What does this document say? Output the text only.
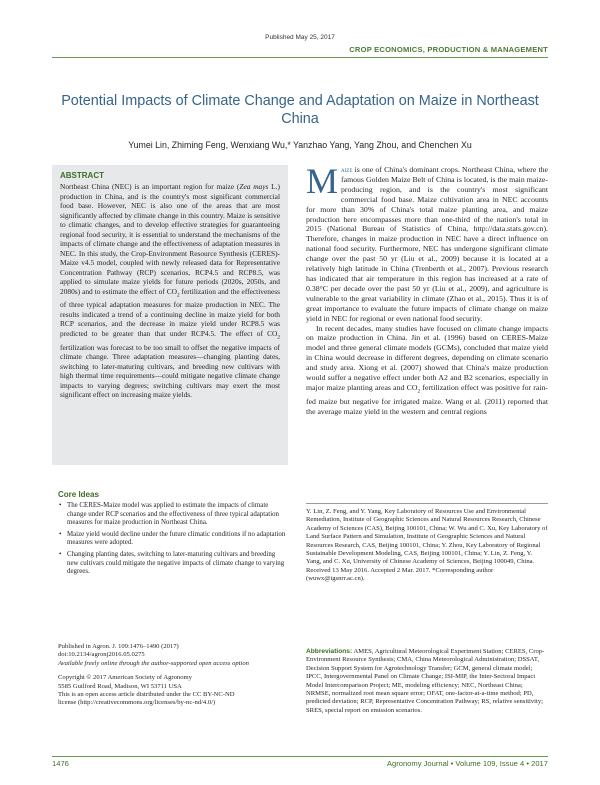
Published May 25, 2017
CROP ECONOMICS, PRODUCTION & MANAGEMENT
Potential Impacts of Climate Change and Adaptation on Maize in Northeast China
Yumei Lin, Zhiming Feng, Wenxiang Wu,* Yanzhao Yang, Yang Zhou, and Chenchen Xu
ABSTRACT

Northeast China (NEC) is an important region for maize (Zea mays L.) production in China, and is the country's most significant commercial food base. However, NEC is also one of the areas that are most significantly affected by climate change in this country. Maize is sensitive to climatic changes, and to develop effective strategies for guaranteeing regional food security, it is essential to understand the mechanisms of the impacts of climate change and the effectiveness of adaptation measures in NEC. In this study, the Crop-Environment Resource Synthesis (CERES)-Maize v4.5 model, coupled with newly released data for Representative Concentration Pathway (RCP) scenarios, RCP4.5 and RCP8.5, was applied to simulate maize yields for future periods (2020s, 2050s, and 2080s) and to estimate the effect of $CO_2$ fertilization and the effectiveness of three typical adaptation measures for maize production in NEC. The results indicated a trend of a continuing decline in maize yield for both RCP scenarios, and the decrease in maize yield under RCP8.5 was predicted to be greater than that under RCP4.5. The effect of $CO_2$ fertilization was forecast to be too small to offset the negative impacts of climate change. Three adaptation measures—changing planting dates, switching to later-maturing cultivars, and breeding new cultivars with high thermal time requirements—could mitigate negative climate change impacts to varying degrees; switching cultivars may exert the most significant effect on increasing maize yields.

Core Ideas
• The CERES-Maize model was applied to estimate the impacts of climate change under RCP scenarios and the effectiveness of three typical adaptation measures for maize production in Northeast China.
• Maize yield would decline under the future climatic conditions if no adaptation measures were adopted.
• Changing planting dates, switching to later-maturing cultivars and breeding new cultivars could mitigate the negative impacts of climate change to varying degrees.

Published in Agron. J. 109:1476–1490 (2017)

doi:10.2134/agronj2016.05.0275

Available freely online through the author-supported open access option

Copyright © 2017 American Society of Agronomy

5585 Guilford Road, Madison, WI 53711 USA

This is an open access article distributed under the CC BY-NC-ND

license (http://creativecommons.org/licenses/by-nc-nd/4.0/)

Maize is one of China's dominant crops. Northeast China, where the famous Golden Maize Belt of China is located, is the main maize-producing region, and is the country's most significant commercial food base. Maize cultivation area in NEC accounts for more than 30% of China's total maize planting area, and maize production here encompasses more than one-third of the nation's total in 2015 (National Bureau of Statistics of China, http://data.stats.gov.cn). Therefore, changes in maize production in NEC have a direct influence on national food security. Furthermore, NEC has undergone significant climate change over the past 50 yr (Liu et al., 2009) because it is located at a relatively high latitude in China (Trenberth et al., 2007). Previous research has indicated that air temperature in this region has increased at a rate of 0.38°C per decade over the past 50 yr (Liu et al., 2009), and agriculture is vulnerable to the great variability in climate (Zhao et al., 2015). Thus it is of great importance to evaluate the future impacts of climate change on maize yield in NEC for regional or even national food security.

In recent decades, many studies have focused on climate change impacts on maize production in China. Jin et al. (1996) based on CERES-Maize model and three general climate models (GCMs), concluded that maize yield in China would decrease in different degrees, depending on climate scenario and study area. Xiong et al. (2007) showed that China's maize production would suffer a negative effect under both A2 and B2 scenarios, especially in major maize planting areas and $CO_2$ fertilization effect was positive for rain-fed maize but negative for irrigated maize. Wang et al. (2011) reported that the average maize yield in the western and central regions

Y. Lin, Z. Feng, and Y. Yang, Key Laboratory of Resources Use and Environmental Remediation, Institute of Geographic Sciences and Natural Resources Research, Chinese Academy of Sciences (CAS), Beijing 100101, China; W. Wu and C. Xu, Key Laboratory of Land Surface Pattern and Simulation, Institute of Geographic Sciences and Natural Resources Research, CAS, Beijing 100101, China; Y. Zhou, Key Laboratory of Regional Sustainable Development Modeling, CAS, Beijing 100101, China; Y. Lin, Z. Feng, Y. Yang, and C. Xu, University of Chinese Academy of Sciences, Beijing 100049, China. Received 13 May 2016. Accepted 2 Mar. 2017. *Corresponding author (wuwx@igsnrr.ac.cn).

Abbreviations: AMES, Agricultural Meteorological Experiment Station; CERES, Crop-Environment Resource Synthesis; CMA, China Meteorological Administration; DSSAT, Decision Support System for Agrotechnology Transfer; GCM, general climate model; IPCC, Intergovernmental Panel on Climate Change; ISI-MIP, the Inter-Sectoral Impact Model Intercomparison Project; ME, modeling efficiency; NEC, Northeast China; NRMSE, normalized root mean square error; OFAT, one-factor-at-a-time method; PD, predicted deviation; RCP, Representative Concentration Pathway; RS, relative sensitivity; SRES, special report on emission scenarios.

1476	Agronomy Journal • Volume 109, Issue 4 • 2017
